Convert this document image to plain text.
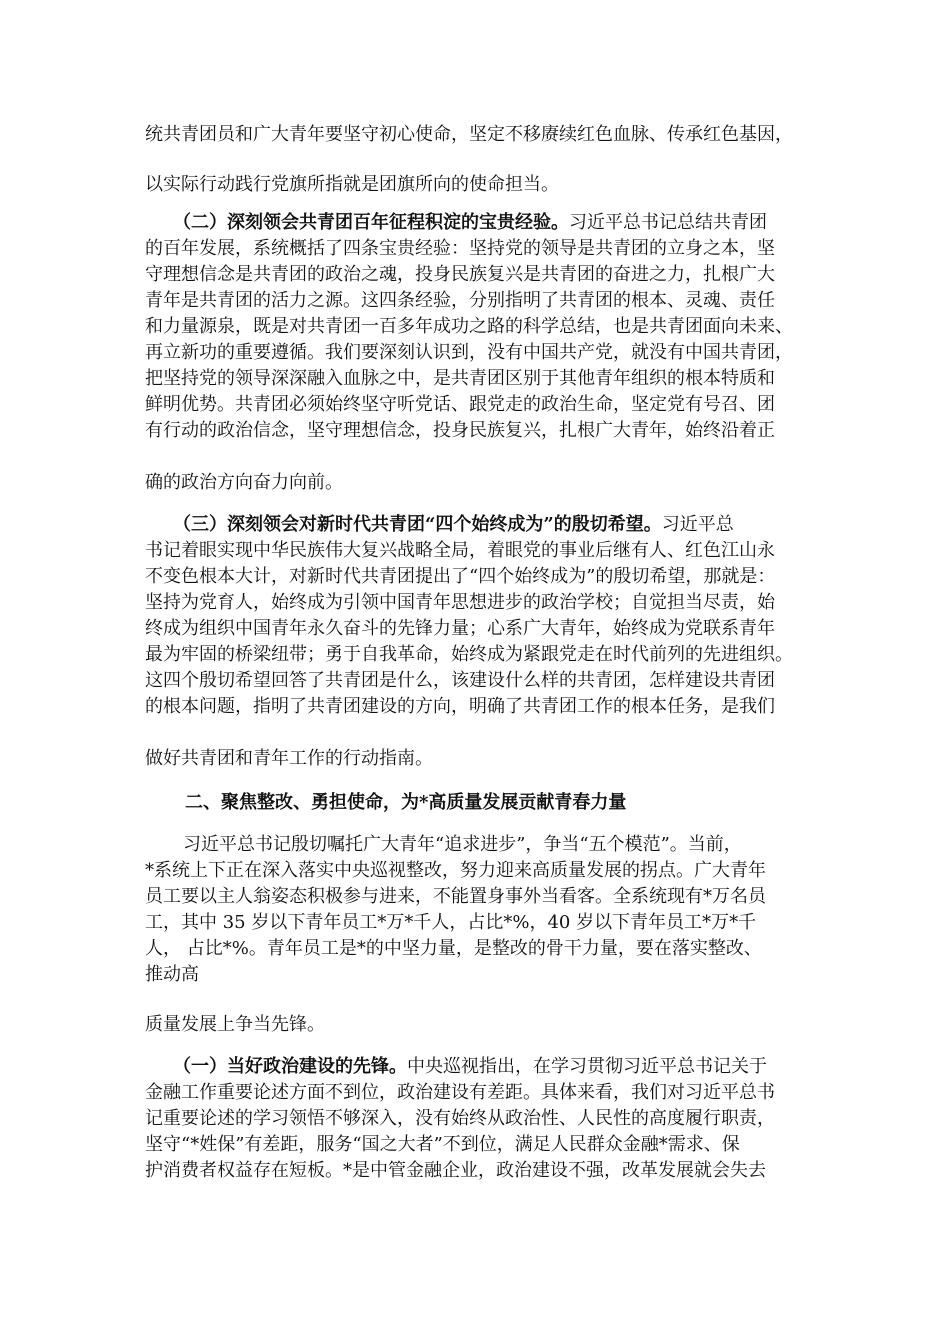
统共青团员和广大青年要坚守初心使命，坚定不移赓续红色血脉、传承红色基因，
以实际行动践行党旗所指就是团旗所向的使命担当。
（二）深刻领会共青团百年征程积淀的宝贵经验。习近平总书记总结共青团
的百年发展，系统概括了四条宝贵经验：坚持党的领导是共青团的立身之本，坚
守理想信念是共青团的政治之魂，投身民族复兴是共青团的奋进之力，扎根广大
青年是共青团的活力之源。这四条经验，分别指明了共青团的根本、灵魂、责任
和力量源泉，既是对共青团一百多年成功之路的科学总结，也是共青团面向未来、
再立新功的重要遵循。我们要深刻认识到，没有中国共产党，就没有中国共青团，
把坚持党的领导深深融入血脉之中，是共青团区别于其他青年组织的根本特质和
鲜明优势。共青团必须始终坚守听党话、跟党走的政治生命，坚定党有号召、团
有行动的政治信念，坚守理想信念，投身民族复兴，扎根广大青年，始终沿着正
确的政治方向奋力向前。
（三）深刻领会对新时代共青团“四个始终成为”的殷切希望。习近平总
书记着眼实现中华民族伟大复兴战略全局，着眼党的事业后继有人、红色江山永
不变色根本大计，对新时代共青团提出了“四个始终成为”的殷切希望，那就是：
坚持为党育人，始终成为引领中国青年思想进步的政治学校；自觉担当尽责，始
终成为组织中国青年永久奋斗的先锋力量；心系广大青年，始终成为党联系青年
最为牢固的桥梁纽带；勇于自我革命，始终成为紧跟党走在时代前列的先进组织。
这四个殷切希望回答了共青团是什么，该建设什么样的共青团，怎样建设共青团
的根本问题，指明了共青团建设的方向，明确了共青团工作的根本任务，是我们
做好共青团和青年工作的行动指南。
二、聚焦整改、勇担使命，为*高质量发展贡献青春力量
习近平总书记殷切嘱托广大青年“追求进步”，争当“五个模范”。当前，
*系统上下正在深入落实中央巡视整改，努力迎来高质量发展的拐点。广大青年
员工要以主人翁姿态积极参与进来，不能置身事外当看客。全系统现有*万名员
工，其中 35 岁以下青年员工*万*千人，占比*%，40 岁以下青年员工*万*千
人， 占比*%。青年员工是*的中坚力量，是整改的骨干力量，要在落实整改、
推动高
质量发展上争当先锋。
（一）当好政治建设的先锋。中央巡视指出，在学习贯彻习近平总书记关于
金融工作重要论述方面不到位，政治建设有差距。具体来看，我们对习近平总书
记重要论述的学习领悟不够深入，没有始终从政治性、人民性的高度履行职责，
坚守“*姓保”有差距，服务“国之大者”不到位，满足人民群众金融*需求、保
护消费者权益存在短板。*是中管金融企业，政治建设不强，改革发展就会失去
